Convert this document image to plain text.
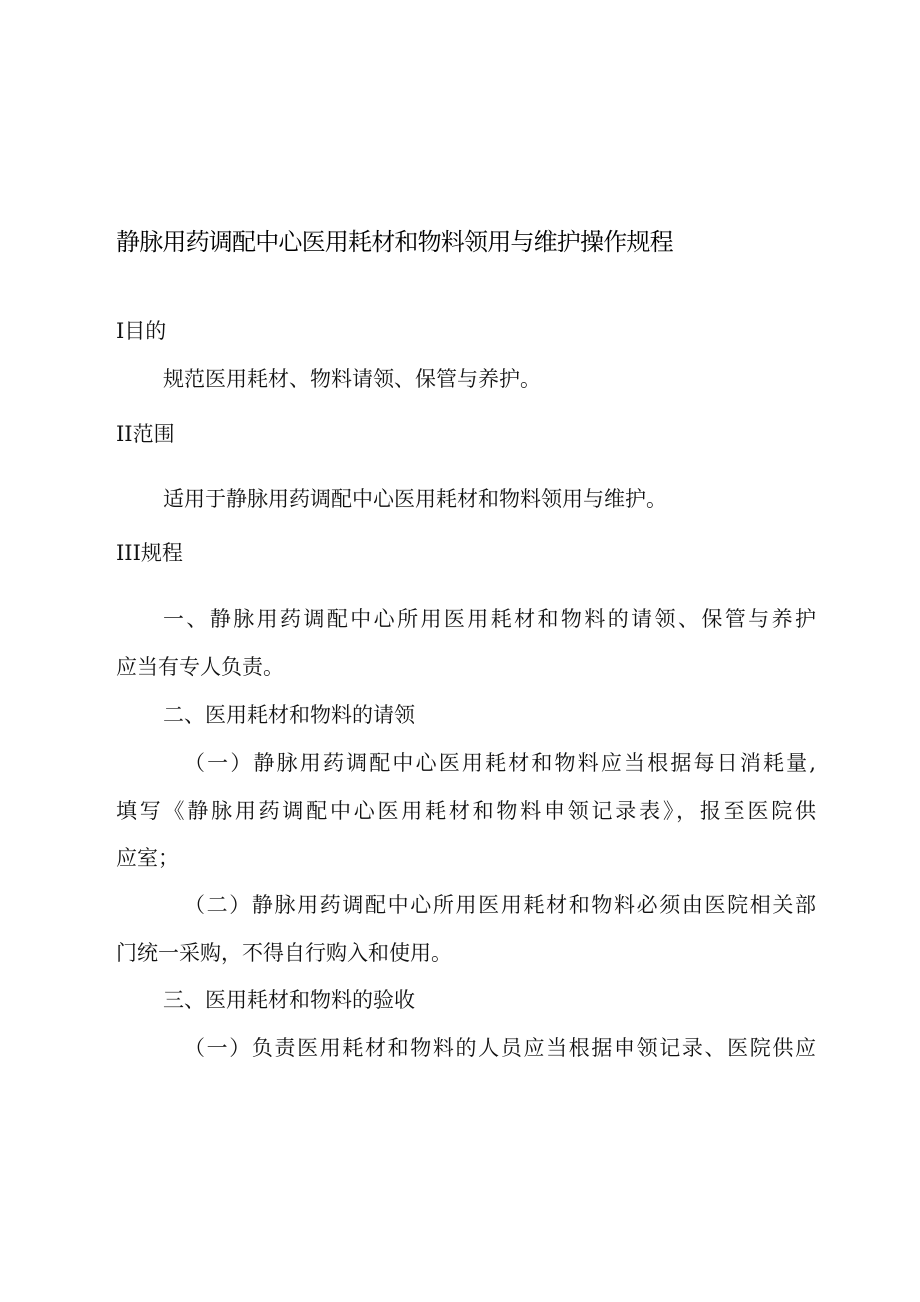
静脉用药调配中心医用耗材和物料领用与维护操作规程
I目的
规范医用耗材、物料请领、保管与养护。
II范围
适用于静脉用药调配中心医用耗材和物料领用与维护。
III规程
一、静脉用药调配中心所用医用耗材和物料的请领、保管与养护
应当有专人负责。
二、医用耗材和物料的请领
（一）静脉用药调配中心医用耗材和物料应当根据每日消耗量,
填写《静脉用药调配中心医用耗材和物料申领记录表》，报至医院供
应室；
（二）静脉用药调配中心所用医用耗材和物料必须由医院相关部
门统一采购，不得自行购入和使用。
三、医用耗材和物料的验收
（一）负责医用耗材和物料的人员应当根据申领记录、医院供应
